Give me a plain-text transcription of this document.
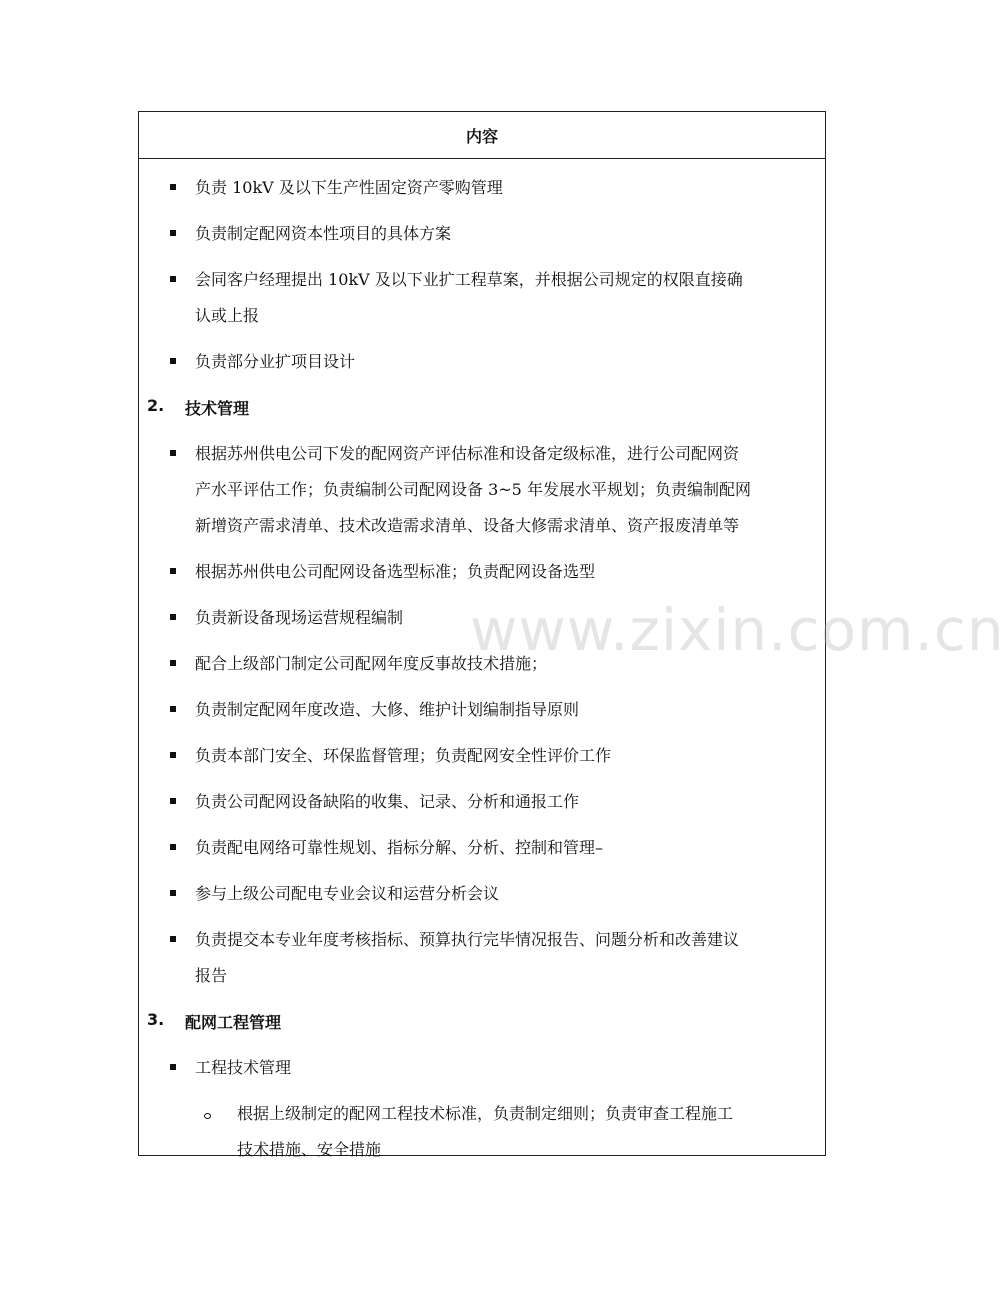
内容
负责 10kV 及以下生产性固定资产零购管理
负责制定配网资本性项目的具体方案
会同客户经理提出 10kV 及以下业扩工程草案，并根据公司规定的权限直接确
认或上报
负责部分业扩项目设计
2. 技术管理
根据苏州供电公司下发的配网资产评估标准和设备定级标准，进行公司配网资
产水平评估工作；负责编制公司配网设备 3~5 年发展水平规划；负责编制配网
新增资产需求清单、技术改造需求清单、设备大修需求清单、资产报废清单等
根据苏州供电公司配网设备选型标准；负责配网设备选型
负责新设备现场运营规程编制
配合上级部门制定公司配网年度反事故技术措施；
负责制定配网年度改造、大修、维护计划编制指导原则
负责本部门安全、环保监督管理；负责配网安全性评价工作
负责公司配网设备缺陷的收集、记录、分析和通报工作
负责配电网络可靠性规划、指标分解、分析、控制和管理–
参与上级公司配电专业会议和运营分析会议
负责提交本专业年度考核指标、预算执行完毕情况报告、问题分析和改善建议
报告
3. 配网工程管理
工程技术管理
根据上级制定的配网工程技术标准，负责制定细则；负责审查工程施工
技术措施、安全措施
www.zixin.com.cn
